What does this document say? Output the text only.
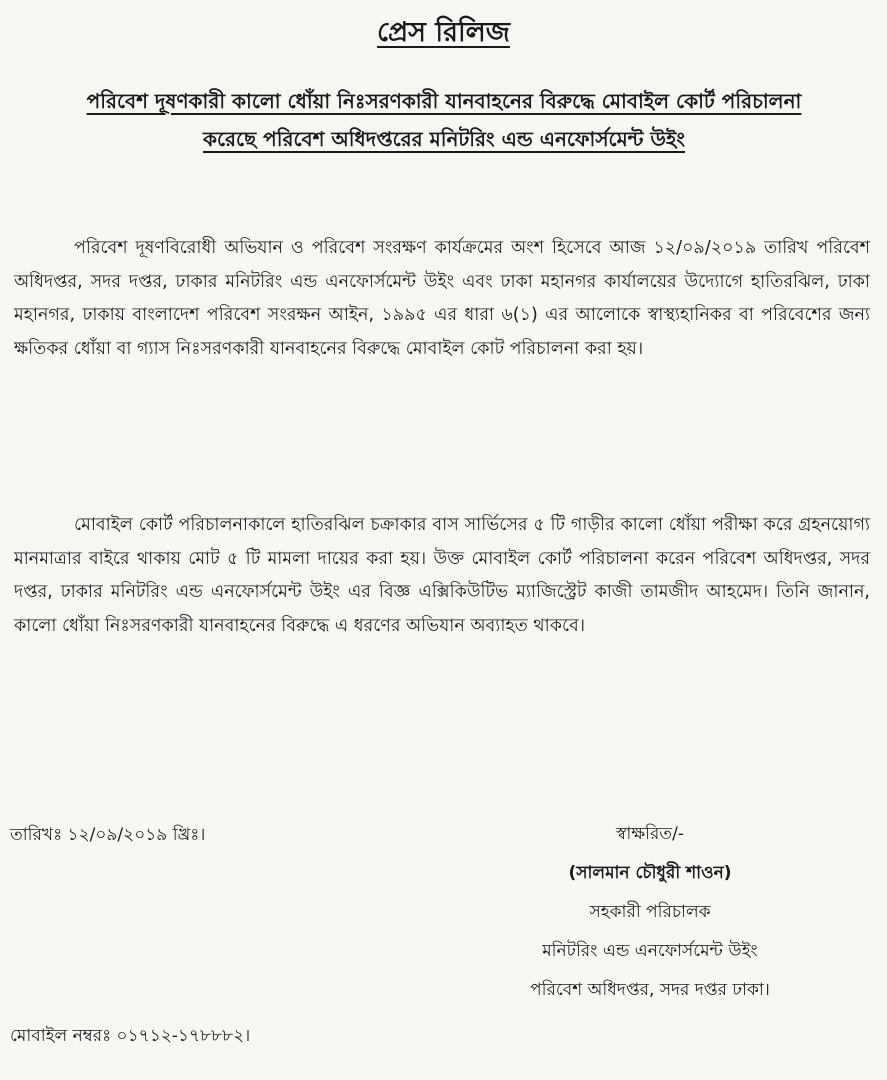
প্রেস রিলিজ
পরিবেশ দূষণকারী কালো ধোঁয়া নিঃসরণকারী যানবাহনের বিরুদ্ধে মোবাইল কোর্ট পরিচালনা
করেছে পরিবেশ অধিদপ্তরের মনিটরিং এন্ড এনফোর্সমেন্ট উইং

পরিবেশ দূষণবিরোধী অভিযান ও পরিবেশ সংরক্ষণ কার্যক্রমের অংশ হিসেবে আজ ১২/০৯/২০১৯ তারিখ পরিবেশ অধিদপ্তর, সদর দপ্তর, ঢাকার মনিটরিং এন্ড এনফোর্সমেন্ট উইং এবং ঢাকা মহানগর কার্যালয়ের উদ্যোগে হাতিরঝিল, ঢাকা মহানগর, ঢাকায় বাংলাদেশ পরিবেশ সংরক্ষন আইন, ১৯৯৫ এর ধারা ৬(১) এর আলোকে স্বাস্থ্যহানিকর বা পরিবেশের জন্য ক্ষতিকর ধোঁয়া বা গ্যাস নিঃসরণকারী যানবাহনের বিরুদ্ধে মোবাইল কোট পরিচালনা করা হয়।

মোবাইল কোর্ট পরিচালনাকালে হাতিরঝিল চক্রাকার বাস সার্ভিসের ৫ টি গাড়ীর কালো ধোঁয়া পরীক্ষা করে গ্রহনয়োগ্য মানমাত্রার বাইরে থাকায় মোট ৫ টি মামলা দায়ের করা হয়। উক্ত মোবাইল কোর্ট পরিচালনা করেন পরিবেশ অধিদপ্তর, সদর দপ্তর, ঢাকার মনিটরিং এন্ড এনফোর্সমেন্ট উইং এর বিজ্ঞ এক্সিকিউটিভ ম্যাজিস্ট্রেট কাজী তামজীদ আহমেদ। তিনি জানান, কালো ধোঁয়া নিঃসরণকারী যানবাহনের বিরুদ্ধে এ ধরণের অভিযান অব্যাহত থাকবে।

তারিখঃ ১২/০৯/২০১৯ খ্রিঃ।	স্বাক্ষরিত/-
(সালমান চৌধুরী শাওন)
সহকারী পরিচালক
মনিটরিং এন্ড এনফোর্সমেন্ট উইং
পরিবেশ অধিদপ্তর, সদর দপ্তর ঢাকা।

মোবাইল নম্বরঃ ০১৭১২-১৭৮৮৮২।
